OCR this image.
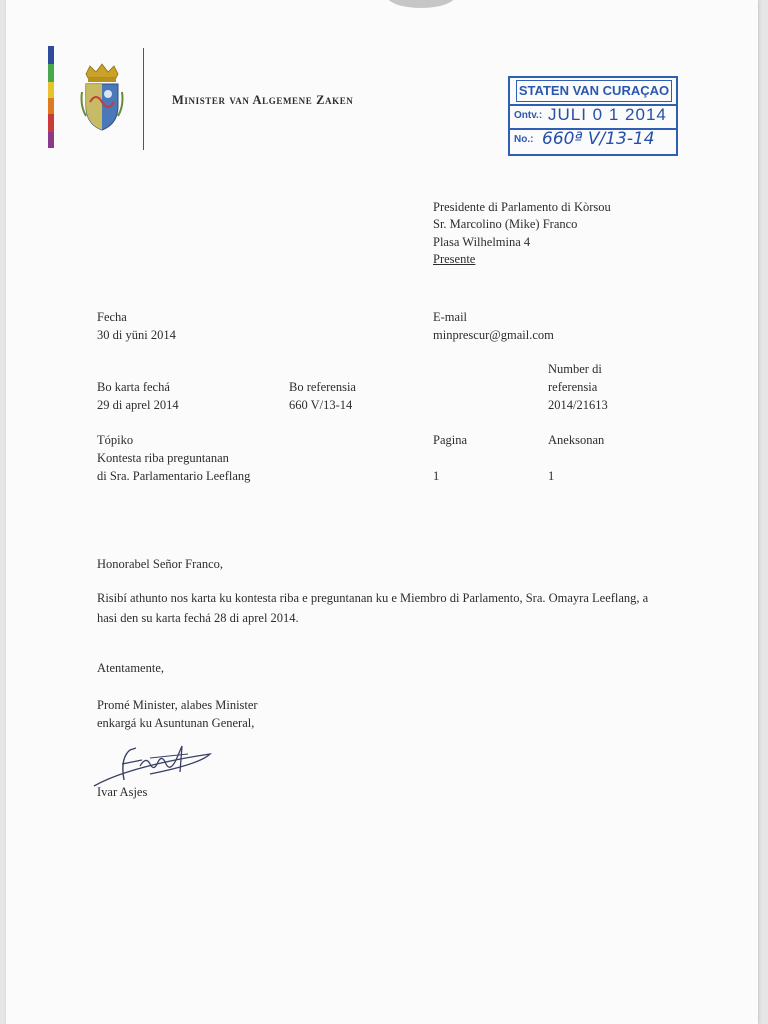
Minister van Algemene Zaken
STATEN VAN CURAÇAO
Ontv.: JULI 0 1 2014
No.: 660ª V/13-14
Presidente di Parlamento di Kòrsou
Sr. Marcolino (Mike) Franco
Plasa Wilhelmina 4
Presente
Fecha
30 di yüni 2014
E-mail
minprescur@gmail.com
Bo karta fechá
29 di aprel 2014
Bo referensia
660 V/13-14
Number di
referensia
2014/21613
Tópiko
Kontesta riba preguntanan
di Sra. Parlamentario Leeflang
Pagina
1
Aneksonan
1
Honorabel Señor Franco,
Risibí athunto nos karta ku kontesta riba e preguntanan ku e Miembro di Parlamento, Sra. Omayra Leeflang, a hasi den su karta fechá 28 di aprel 2014.
Atentamente,
Promé Minister, alabes Minister
enkargá ku Asuntunan General,
Ivar Asjes
